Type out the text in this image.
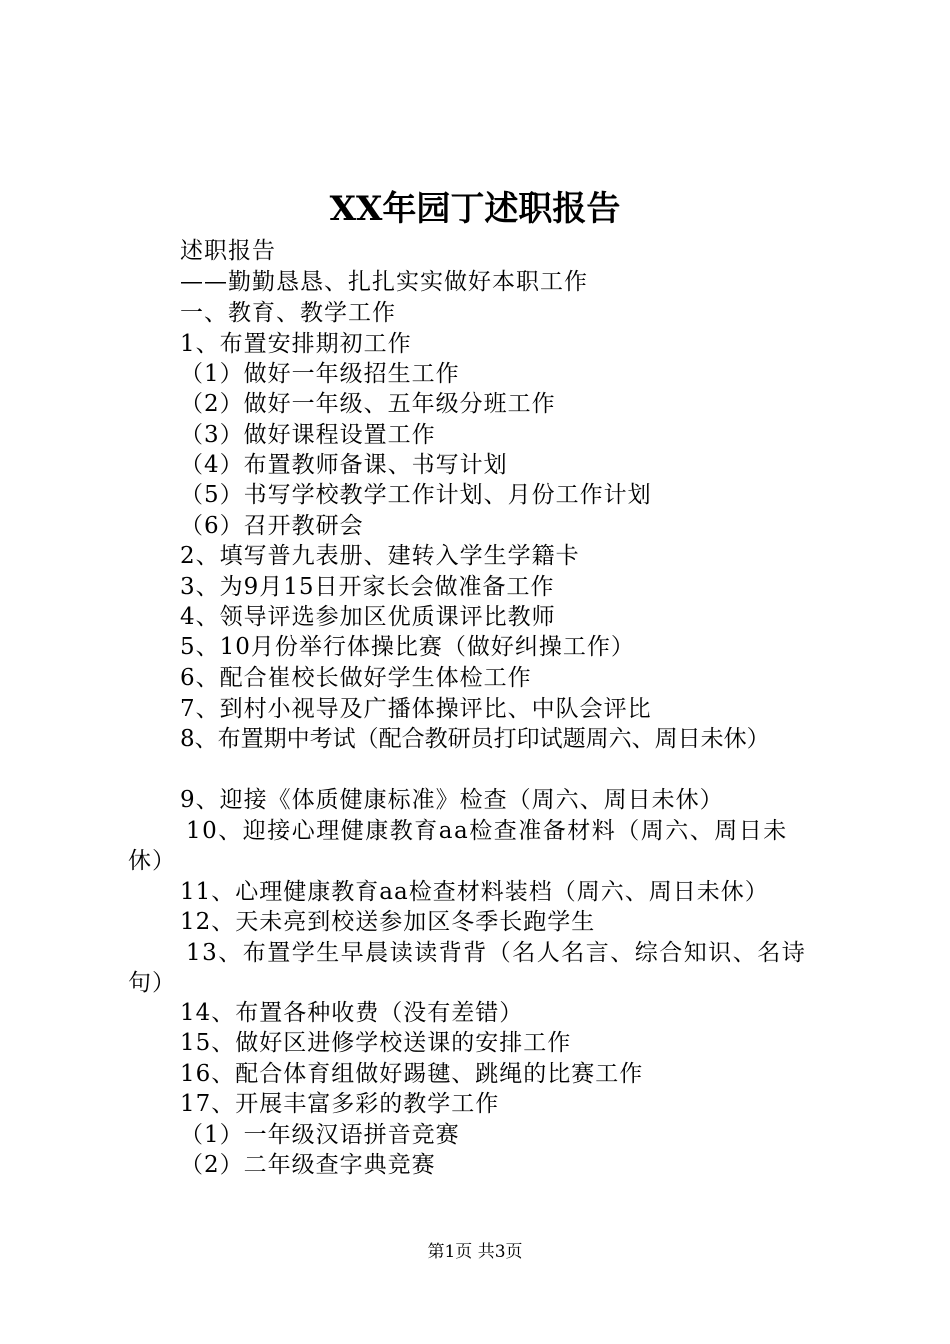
XX年园丁述职报告
述职报告
——勤勤恳恳、扎扎实实做好本职工作
一、教育、教学工作
1、布置安排期初工作
（1）做好一年级招生工作
（2）做好一年级、五年级分班工作
（3）做好课程设置工作
（4）布置教师备课、书写计划
（5）书写学校教学工作计划、月份工作计划
（6）召开教研会
2、填写普九表册、建转入学生学籍卡
3、为9月15日开家长会做准备工作
4、领导评选参加区优质课评比教师
5、10月份举行体操比赛（做好纠操工作）
6、配合崔校长做好学生体检工作
7、到村小视导及广播体操评比、中队会评比
8、布置期中考试（配合教研员打印试题周六、周日未休）
9、迎接《体质健康标准》检查（周六、周日未休）
10、迎接心理健康教育aa检查准备材料（周六、周日未
休）
11、心理健康教育aa检查材料装档（周六、周日未休）
12、天未亮到校送参加区冬季长跑学生
13、布置学生早晨读读背背（名人名言、综合知识、名诗
句）
14、布置各种收费（没有差错）
15、做好区进修学校送课的安排工作
16、配合体育组做好踢毽、跳绳的比赛工作
17、开展丰富多彩的教学工作
（1）一年级汉语拼音竞赛
（2）二年级查字典竞赛
第1页 共3页
